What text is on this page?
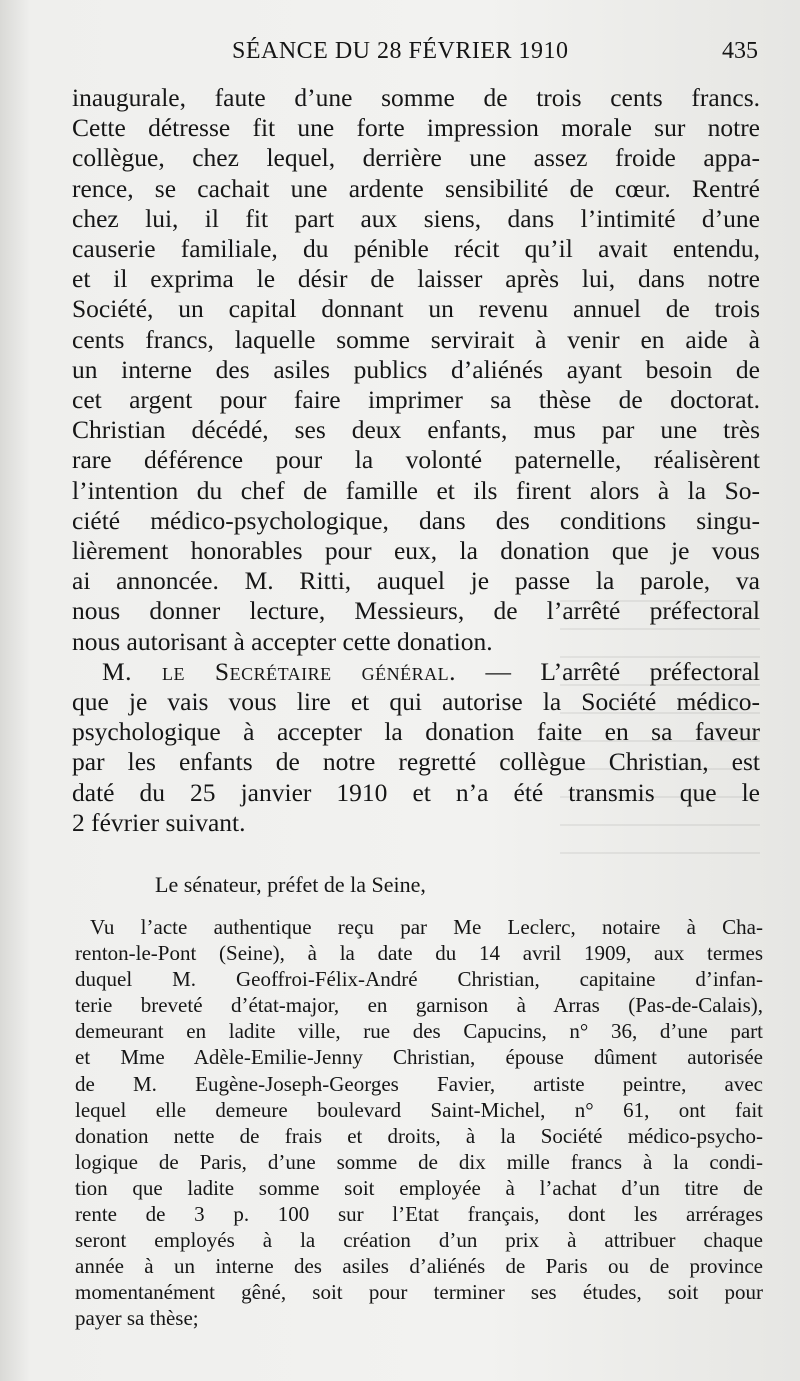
SÉANCE DU 28 FÉVRIER 1910	435
inaugurale, faute d’une somme de trois cents francs.
Cette détresse fit une forte impression morale sur notre
collègue, chez lequel, derrière une assez froide appa-
rence, se cachait une ardente sensibilité de cœur. Rentré
chez lui, il fit part aux siens, dans l’intimité d’une
causerie familiale, du pénible récit qu’il avait entendu,
et il exprima le désir de laisser après lui, dans notre
Société, un capital donnant un revenu annuel de trois
cents francs, laquelle somme servirait à venir en aide à
un interne des asiles publics d’aliénés ayant besoin de
cet argent pour faire imprimer sa thèse de doctorat.
Christian décédé, ses deux enfants, mus par une très
rare déférence pour la volonté paternelle, réalisèrent
l’intention du chef de famille et ils firent alors à la So-
ciété médico-psychologique, dans des conditions singu-
lièrement honorables pour eux, la donation que je vous
ai annoncée. M. Ritti, auquel je passe la parole, va
nous donner lecture, Messieurs, de l’arrêté préfectoral
nous autorisant à accepter cette donation.
M. le Secrétaire général. — L’arrêté préfectoral
que je vais vous lire et qui autorise la Société médico-
psychologique à accepter la donation faite en sa faveur
par les enfants de notre regretté collègue Christian, est
daté du 25 janvier 1910 et n’a été transmis que le
2 février suivant.
Le sénateur, préfet de la Seine,
Vu l’acte authentique reçu par Me Leclerc, notaire à Cha-
renton-le-Pont (Seine), à la date du 14 avril 1909, aux termes
duquel M. Geoffroi-Félix-André Christian, capitaine d’infan-
terie breveté d’état-major, en garnison à Arras (Pas-de-Calais),
demeurant en ladite ville, rue des Capucins, n° 36, d’une part
et Mme Adèle-Emilie-Jenny Christian, épouse dûment autorisée
de M. Eugène-Joseph-Georges Favier, artiste peintre, avec
lequel elle demeure boulevard Saint-Michel, n° 61, ont fait
donation nette de frais et droits, à la Société médico-psycho-
logique de Paris, d’une somme de dix mille francs à la condi-
tion que ladite somme soit employée à l’achat d’un titre de
rente de 3 p. 100 sur l’Etat français, dont les arrérages
seront employés à la création d’un prix à attribuer chaque
année à un interne des asiles d’aliénés de Paris ou de province
momentanément gêné, soit pour terminer ses études, soit pour
payer sa thèse;
